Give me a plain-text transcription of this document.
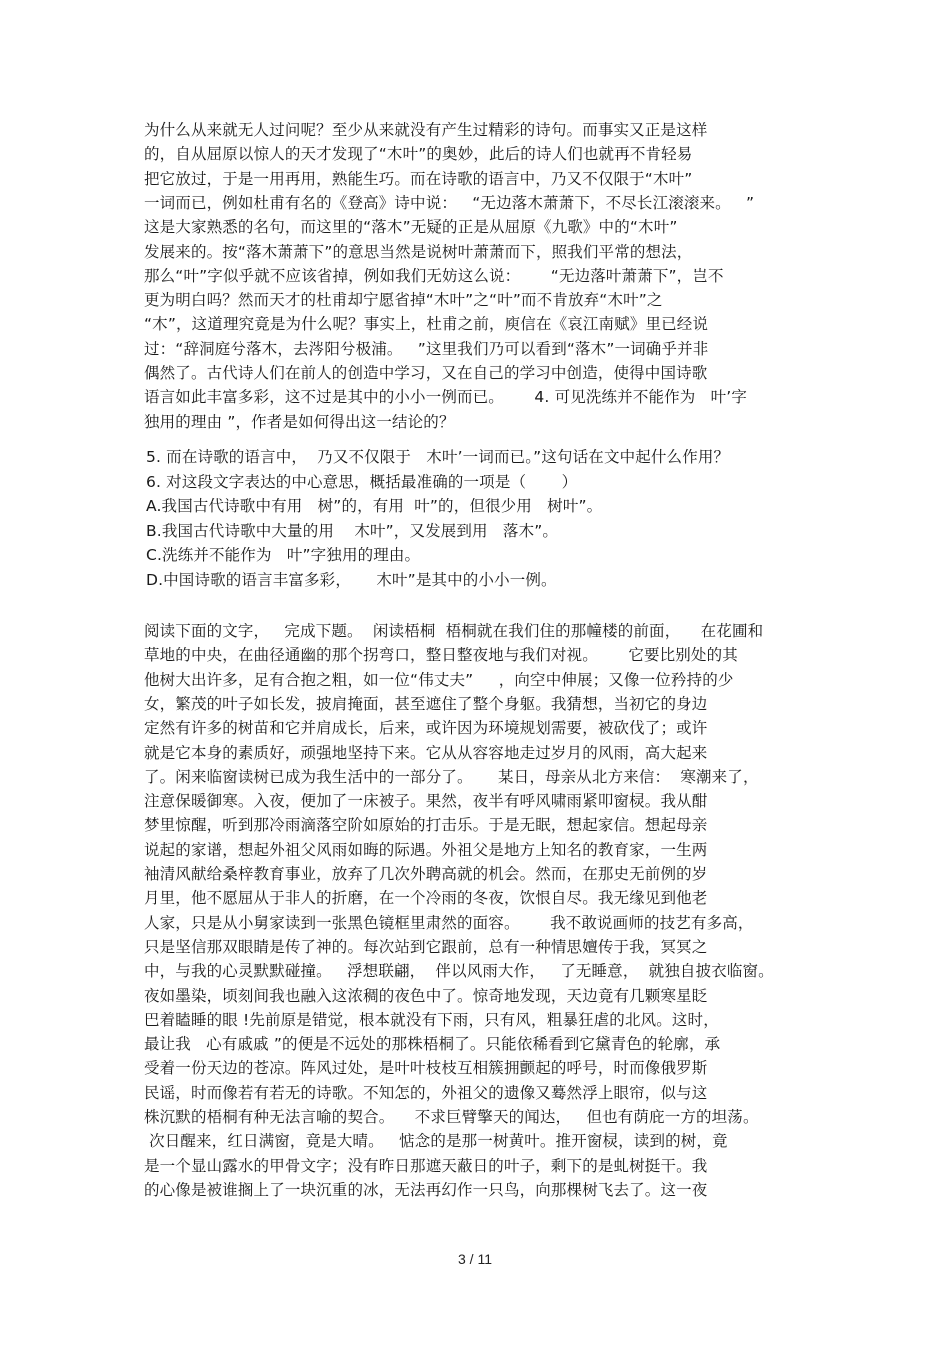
为什么从来就无人过问呢？至少从来就没有产生过精彩的诗句。而事实又正是这样
的，自从屈原以惊人的天才发现了“木叶”的奥妙，此后的诗人们也就再不肯轻易
把它放过，于是一用再用，熟能生巧。而在诗歌的语言中，乃又不仅限于“木叶”
一词而已，例如杜甫有名的《登高》诗中说：   “无边落木萧萧下，不尽长江滚滚来。   ”
这是大家熟悉的名句，而这里的“落木”无疑的正是从屈原《九歌》中的“木叶”
发展来的。按“落木萧萧下”的意思当然是说树叶萧萧而下，照我们平常的想法，
那么“叶”字似乎就不应该省掉，例如我们无妨这么说：      “无边落叶萧萧下”，岂不
更为明白吗？然而天才的杜甫却宁愿省掉“木叶”之“叶”而不肯放弃“木叶”之
“木”，这道理究竟是为什么呢？事实上，杜甫之前，庾信在《哀江南赋》里已经说
过：“辞洞庭兮落木，去涔阳兮极浦。   ”这里我们乃可以看到“落木”一词确乎并非
偶然了。古代诗人们在前人的创造中学习，又在自己的学习中创造，使得中国诗歌
语言如此丰富多彩，这不过是其中的小小一例而已。      4. 可见洗练并不能作为   叶’字
独用的理由 ”，作者是如何得出这一结论的？
5. 而在诗歌的语言中，  乃又不仅限于   木叶’一词而已。”这句话在文中起什么作用？
6. 对这段文字表达的中心意思，概括最准确的一项是（       ）
A.我国古代诗歌中有用   树”的，有用  叶”的，但很少用   树叶”。
B.我国古代诗歌中大量的用    木叶”，又发展到用   落木”。
C.洗练并不能作为   叶”字独用的理由。
D.中国诗歌的语言丰富多彩，     木叶”是其中的小小一例。
阅读下面的文字，   完成下题。  闲读梧桐  梧桐就在我们住的那幢楼的前面，    在花圃和
草地的中央，在曲径通幽的那个拐弯口，整日整夜地与我们对视。      它要比别处的其
他树大出许多，足有合抱之粗，如一位“伟丈夫”     ，向空中伸展；又像一位矜持的少
女，繁茂的叶子如长发，披肩掩面，甚至遮住了整个身躯。我猜想，当初它的身边
定然有许多的树苗和它并肩成长，后来，或许因为环境规划需要，被砍伐了；或许
就是它本身的素质好，顽强地坚持下来。它从从容容地走过岁月的风雨，高大起来
了。闲来临窗读树已成为我生活中的一部分了。     某日，母亲从北方来信：  寒潮来了，
注意保暖御寒。入夜，便加了一床被子。果然，夜半有呼风啸雨紧叩窗棂。我从酣
梦里惊醒，听到那冷雨滴落空阶如原始的打击乐。于是无眠，想起家信。想起母亲
说起的家谱，想起外祖父风雨如晦的际遇。外祖父是地方上知名的教育家，一生两
袖清风献给桑梓教育事业，放弃了几次外聘高就的机会。然而，在那史无前例的岁
月里，他不愿屈从于非人的折磨，在一个冷雨的冬夜，饮恨自尽。我无缘见到他老
人家，只是从小舅家读到一张黑色镜框里肃然的面容。      我不敢说画师的技艺有多高，
只是坚信那双眼睛是传了神的。每次站到它跟前，总有一种情思嬗传于我，冥冥之
中，与我的心灵默默碰撞。   浮想联翩，  伴以风雨大作，   了无睡意，  就独自披衣临窗。
夜如墨染，顷刻间我也融入这浓稠的夜色中了。惊奇地发现，天边竟有几颗寒星眨
巴着瞌睡的眼 !先前原是错觉，根本就没有下雨，只有风，粗暴狂虐的北风。这时，
最让我   心有戚戚 ”的便是不远处的那株梧桐了。只能依稀看到它黛青色的轮廓，承
受着一份天边的苍凉。阵风过处，是叶叶枝枝互相簇拥颤起的呼号，时而像俄罗斯
民谣，时而像若有若无的诗歌。不知怎的，外祖父的遗像又蓦然浮上眼帘，似与这
株沉默的梧桐有种无法言喻的契合。    不求巨臂擎天的闻达，   但也有荫庇一方的坦荡。
次日醒来，红日满窗，竟是大晴。   惦念的是那一树黄叶。推开窗棂，读到的树，竟
是一个显山露水的甲骨文字；没有昨日那遮天蔽日的叶子，剩下的是虬树挺干。我
的心像是被谁搁上了一块沉重的冰，无法再幻作一只鸟，向那棵树飞去了。这一夜
3 / 11
